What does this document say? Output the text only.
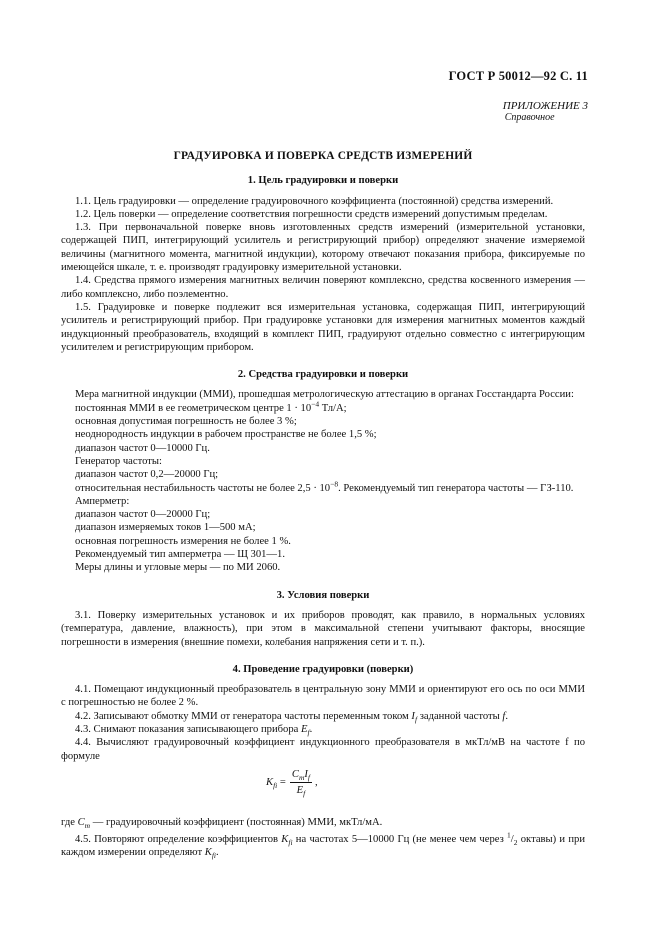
ГОСТ Р 50012—92 С. 11
ПРИЛОЖЕНИЕ 3
Справочное
ГРАДУИРОВКА И ПОВЕРКА СРЕДСТВ ИЗМЕРЕНИЙ
1. Цель градуировки и поверки

1.1. Цель градуировки — определение градуировочного коэффициента (постоянной) средства измерений.

1.2. Цель поверки — определение соответствия погрешности средств измерений допустимым пределам.

1.3. При первоначальной поверке вновь изготовленных средств измерений (измерительной установки, содержащей ПИП, интегрирующий усилитель и регистрирующий прибор) определяют значение измеряемой величины (магнитного момента, магнитной индукции), которому отвечают показания прибора, фиксируемые по имеющейся шкале, т. е. производят градуировку измерительной установки.

1.4. Средства прямого измерения магнитных величин поверяют комплексно, средства косвенного измерения — либо комплексно, либо поэлементно.

1.5. Градуировке и поверке подлежит вся измерительная установка, содержащая ПИП, интегрирующий усилитель и регистрирующий прибор. При градуировке установки для измерения магнитных моментов каждый индукционный преобразователь, входящий в комплект ПИП, градуируют отдельно совместно с интегрирующим усилителем и регистрирующим прибором.

2. Средства градуировки и поверки

Мера магнитной индукции (ММИ), прошедшая метрологическую аттестацию в органах Госстандарта России:

постоянная ММИ в ее геометрическом центре $1 \cdot 10^{-4}$ Тл/А;

основная допустимая погрешность не более 3 %;

неоднородность индукции в рабочем пространстве не более 1,5 %;

диапазон частот 0—10000 Гц.

Генератор частоты:

диапазон частот 0,2—20000 Гц;

относительная нестабильность частоты не более $2,5 \cdot 10^{-8}$. Рекомендуемый тип генератора частоты — ГЗ-110.

Амперметр:

диапазон частот 0—20000 Гц;

диапазон измеряемых токов 1—500 мА;

основная погрешность измерения не более 1 %.

Рекомендуемый тип амперметра — Щ 301—1.

Меры длины и угловые меры — по МИ 2060.

3. Условия поверки

3.1. Поверку измерительных установок и их приборов проводят, как правило, в нормальных условиях (температура, давление, влажность), при этом в максимальной степени учитывают факторы, вносящие погрешности в измерения (внешние помехи, колебания напряжения сети и т. п.).

4. Проведение градуировки (поверки)

4.1. Помещают индукционный преобразователь в центральную зону ММИ и ориентируют его ось по оси ММИ с погрешностью не более 2 %.

4.2. Записывают обмотку ММИ от генератора частоты переменным током $I_f$ заданной частоты f.

4.3. Снимают показания записывающего прибора $E_f$.

4.4. Вычисляют градуировочный коэффициент индукционного преобразователя в мкТл/мВ на частоте f по формуле

$K_{fi} = \frac{C_mI_f}{E_f}$ ,

где $C_m$ — градуировочный коэффициент (постоянная) ММИ, мкТл/мА.

4.5. Повторяют определение коэффициентов $K_{fi}$ на частотах 5—10000 Гц (не менее чем через $^1/_2$ октавы) и при каждом измерении определяют $K_{fi}$.
